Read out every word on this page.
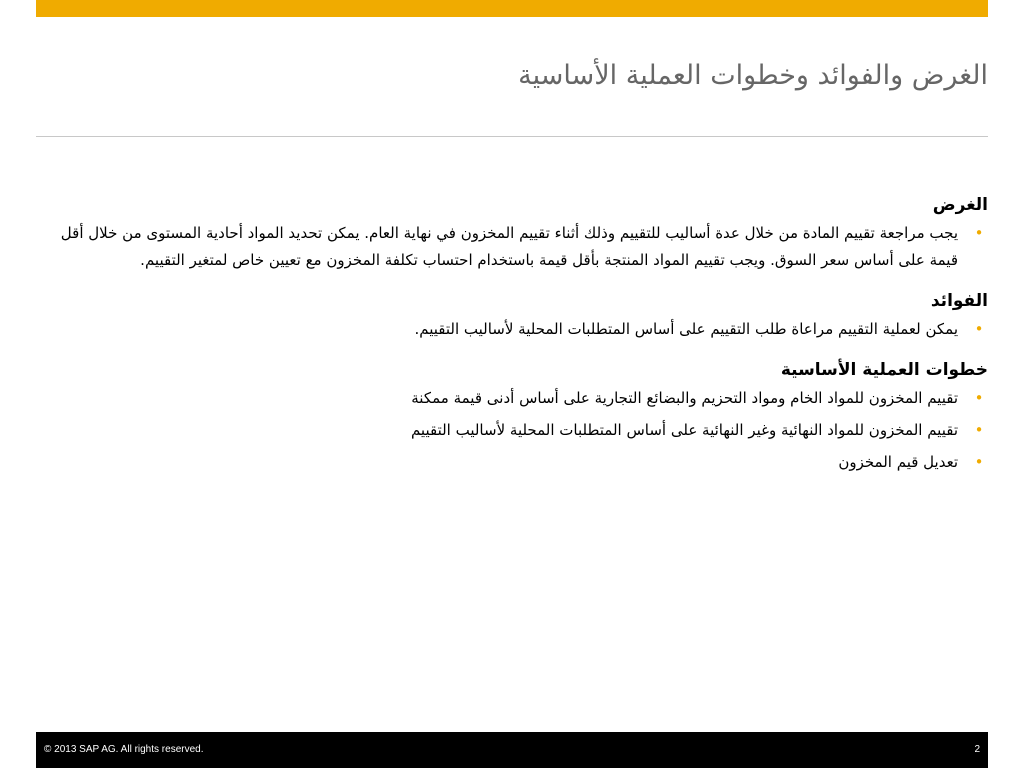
الغرض والفوائد وخطوات العملية الأساسية
الغرض
•
يجب مراجعة تقييم المادة من خلال عدة أساليب للتقييم وذلك أثناء تقييم المخزون في نهاية العام. يمكن تحديد المواد أحادية المستوى من خلال أقل قيمة على أساس سعر السوق. ويجب تقييم المواد المنتجة بأقل قيمة باستخدام احتساب تكلفة المخزون مع تعيين خاص لمتغير التقييم.
الفوائد
•
يمكن لعملية التقييم مراعاة طلب التقييم على أساس المتطلبات المحلية لأساليب التقييم.
خطوات العملية الأساسية
•
تقييم المخزون للمواد الخام ومواد التحزيم والبضائع التجارية على أساس أدنى قيمة ممكنة
•
تقييم المخزون للمواد النهائية وغير النهائية على أساس المتطلبات المحلية لأساليب التقييم
•
تعديل قيم المخزون
© 2013 SAP AG. All rights reserved.	2
